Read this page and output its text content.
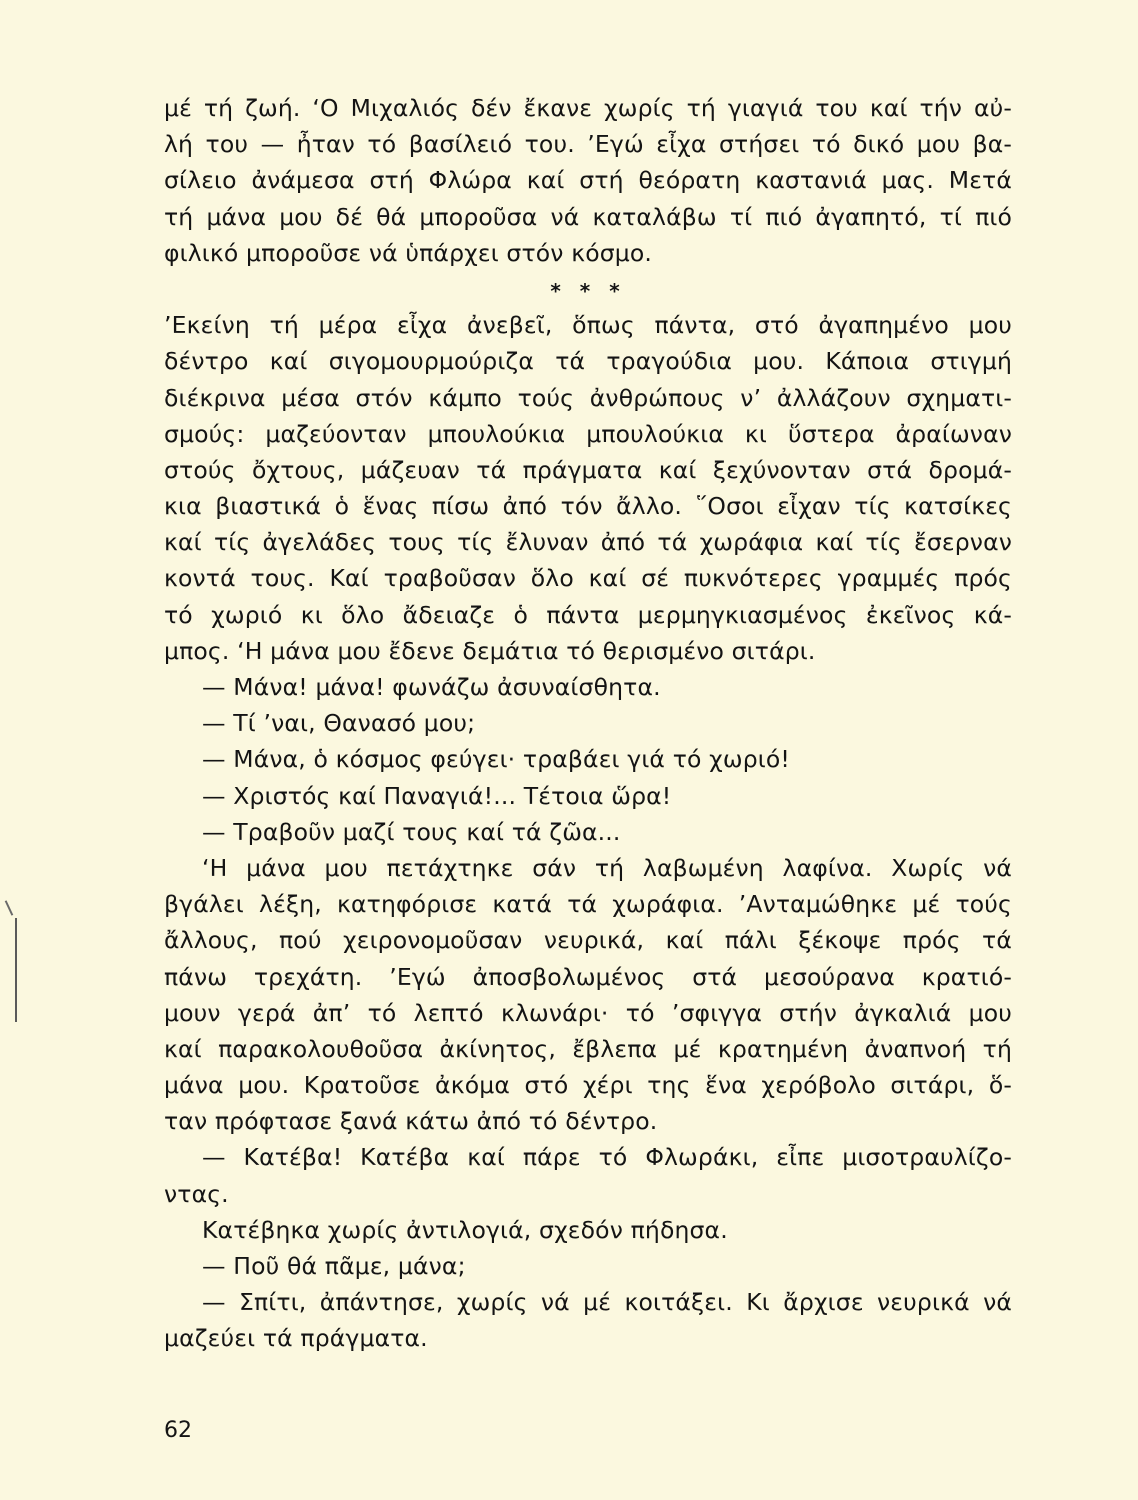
μέ τή ζωή. ‘Ο Μιχαλιός δέν ἔκανε χωρίς τή γιαγιά του καί τήν αὐ-
λή του — ἦταν τό βασίλειό του. ’Εγώ εἶχα στήσει τό δικό μου βα-
σίλειο ἀνάμεσα στή Φλώρα καί στή θεόρατη καστανιά μας. Μετά
τή μάνα μου δέ θά μποροῦσα νά καταλάβω τί πιό ἀγαπητό, τί πιό
φιλικό μποροῦσε νά ὑπάρχει στόν κόσμο.
* * *
’Εκείνη τή μέρα εἶχα ἀνεβεῖ, ὅπως πάντα, στό ἀγαπημένο μου
δέντρο καί σιγομουρμούριζα τά τραγούδια μου. Κάποια στιγμή
διέκρινα μέσα στόν κάμπο τούς ἀνθρώπους ν’ ἀλλάζουν σχηματι-
σμούς: μαζεύονταν μπουλούκια μπουλούκια κι ὕστερα ἀραίωναν
στούς ὄχτους, μάζευαν τά πράγματα καί ξεχύνονταν στά δρομά-
κια βιαστικά ὁ ἕνας πίσω ἀπό τόν ἄλλο. ῞Οσοι εἶχαν τίς κατσίκες
καί τίς ἀγελάδες τους τίς ἔλυναν ἀπό τά χωράφια καί τίς ἔσερναν
κοντά τους. Καί τραβοῦσαν ὅλο καί σέ πυκνότερες γραμμές πρός
τό χωριό κι ὅλο ἄδειαζε ὁ πάντα μερμηγκιασμένος ἐκεῖνος κά-
μπος. ‘Η μάνα μου ἔδενε δεμάτια τό θερισμένο σιτάρι.
— Μάνα! μάνα! φωνάζω ἀσυναίσθητα.
— Τί ’ναι, Θανασό μου;
— Μάνα, ὁ κόσμος φεύγει· τραβάει γιά τό χωριό!
— Χριστός καί Παναγιά!... Τέτοια ὥρα!
— Τραβοῦν μαζί τους καί τά ζῶα...
‘Η μάνα μου πετάχτηκε σάν τή λαβωμένη λαφίνα. Χωρίς νά
βγάλει λέξη, κατηφόρισε κατά τά χωράφια. ’Ανταμώθηκε μέ τούς
ἄλλους, πού χειρονομοῦσαν νευρικά, καί πάλι ξέκοψε πρός τά
πάνω τρεχάτη. ’Εγώ ἀποσβολωμένος στά μεσούρανα κρατιό-
μουν γερά ἀπ’ τό λεπτό κλωνάρι· τό ’σφιγγα στήν ἀγκαλιά μου
καί παρακολουθοῦσα ἀκίνητος, ἔβλεπα μέ κρατημένη ἀναπνοή τή
μάνα μου. Κρατοῦσε ἀκόμα στό χέρι της ἕνα χερόβολο σιτάρι, ὅ-
ταν πρόφτασε ξανά κάτω ἀπό τό δέντρο.
— Κατέβα! Κατέβα καί πάρε τό Φλωράκι, εἶπε μισοτραυλίζο-
ντας.
Κατέβηκα χωρίς ἀντιλογιά, σχεδόν πήδησα.
— Ποῦ θά πᾶμε, μάνα;
— Σπίτι, ἀπάντησε, χωρίς νά μέ κοιτάξει. Κι ἄρχισε νευρικά νά
μαζεύει τά πράγματα.
62
